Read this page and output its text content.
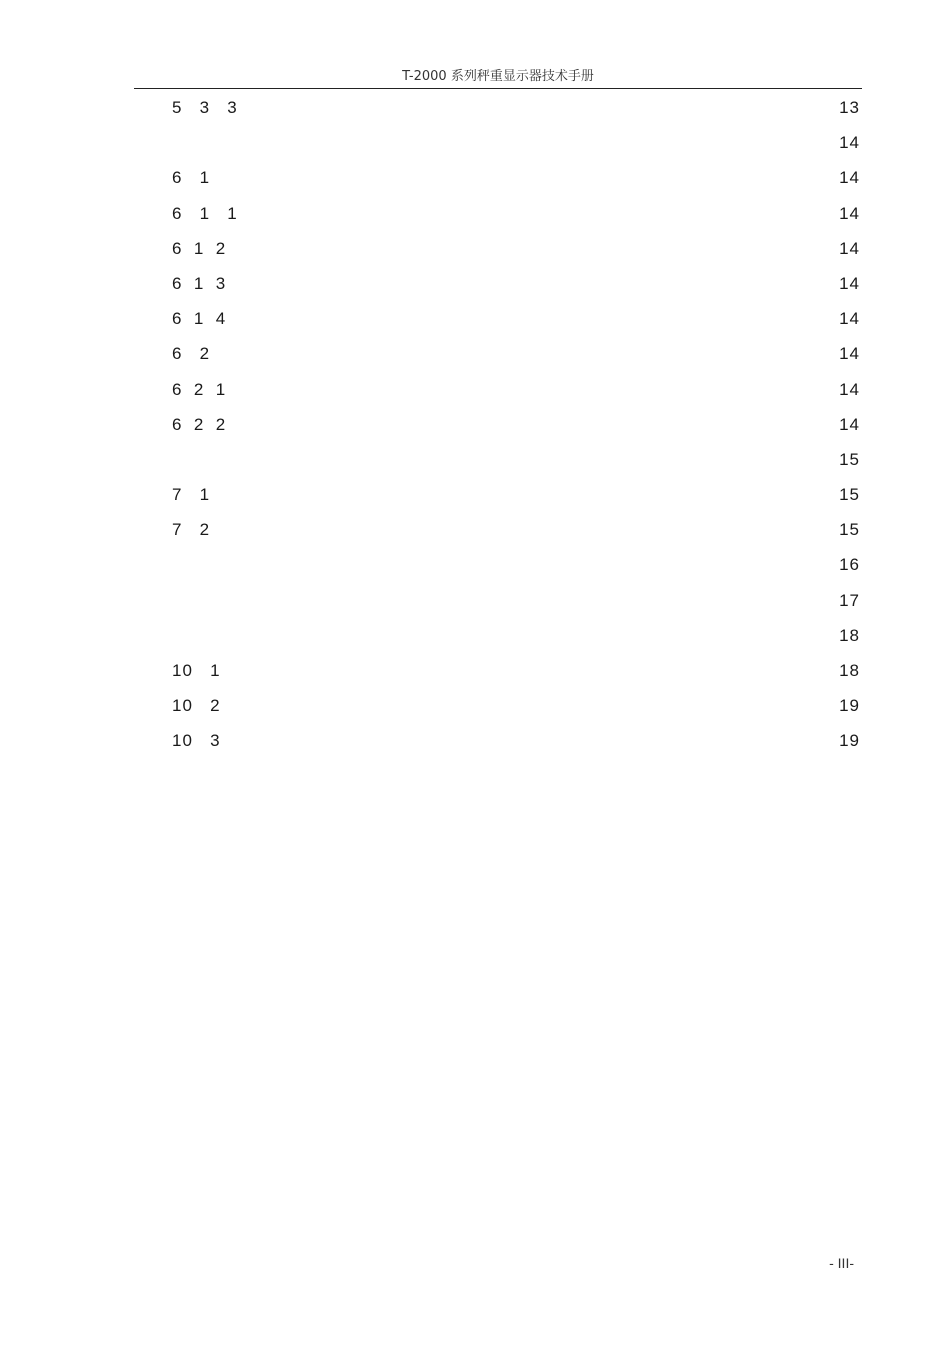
T-2000 系列秤重显示器技术手册
5   3   3	13
14
6   1	14
6   1   1	14
6  1  2	14
6  1  3	14
6  1  4	14
6   2	14
6  2  1	14
6  2  2	14
15
7   1	15
7   2	15
16
17
18
10   1	18
10   2	19
10   3	19
- III-
